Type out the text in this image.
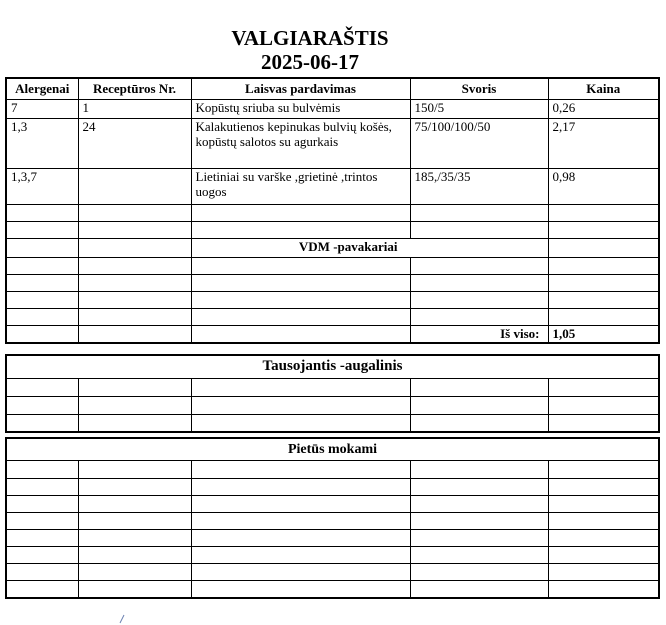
VALGIARAŠTIS
2025-06-17
Alergenai	Receptūros Nr.	Laisvas pardavimas	Svoris	Kaina
7	1	Kopūstų sriuba su bulvėmis	150/5	0,26
1,3	24	Kalakutienos kepinukas bulvių košės, kopūstų salotos su agurkais	75/100/100/50	2,17
1,3,7		Lietiniai su varške ,grietinė ,trintos uogos	185,/35/35	0,98

		VDM -pavakariai		

			Iš viso:	1,05
Tausojantis -augalinis				

Pietūs mokami				
